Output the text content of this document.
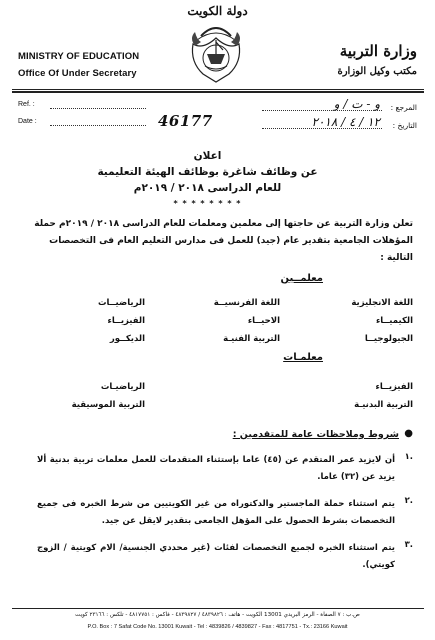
دولة الكويت
MINISTRY OF EDUCATION
Office Of Under Secretary
وزارة التربية
مكتب وكيل الوزارة
Ref. :
Date :	46177
المرجع :
التاريخ :
و - ت / و
١٢ / ٤ / ٢٠١٨
اعلان
عن وظائف شاغرة بوظائف الهيئة التعليمية
للعام الدراسى ٢٠١٨ / ٢٠١٩م
* * * * * * * *
تعلن وزارة التربية عن حاجتها إلى معلمين ومعلمات للعام الدراسى ٢٠١٨ / ٢٠١٩م حملة المؤهلات الجامعية بتقدير عام (جيد) للعمل فى مدارس التعليم العام فى التخصصات التالية :
معلمــين
اللغة الانجليزية
اللغة الفرنسيــة
الرياضيــات
الكيميــاء
الاحيــاء
الفيزيــاء
الجيولوجيــا
التربية الفنيـة
الديكــور
معلمـات
الفيزيــاء
الرياضيـات
التربية البدنيـة
التربية الموسيقية
●
شروط وملاحظات عامة للمتقدمين :
١.
أن لايزيد عمر المتقدم عن (٤٥) عاما بإستثناء المتقدمات للعمل معلمات تربية بدنية ألا يزيد عن (٣٢) عاما.
٢.
يتم استثناء حملة الماجستير والدكتوراه من غير الكويتيين من شرط الخبره فى جميع التخصصات بشرط الحصول على المؤهل الجامعى بتقدير لايقل عن جيد.
٣.
يتم استثناء الخبره لجميع التخصصات لفئات (غير محددي الجنسية/ الام كويتية / الزوج كويتي).
ص.ب : ٧ الصفاة - الرمز البريدي 13001 الكويت - هاتف : ٤٨٣٩٨٢٦ / ٤٨٣٩٨٢٧ - فاكس : ٤٨١٧٧٥١ - تلكس : ٢٣١٦٦ كويت
P.O. Box : 7 Safat Code No. 13001 Kuwait - Tel : 4839826 / 4839827 - Fax : 4817751 - Tx.: 23166 Kuwait
